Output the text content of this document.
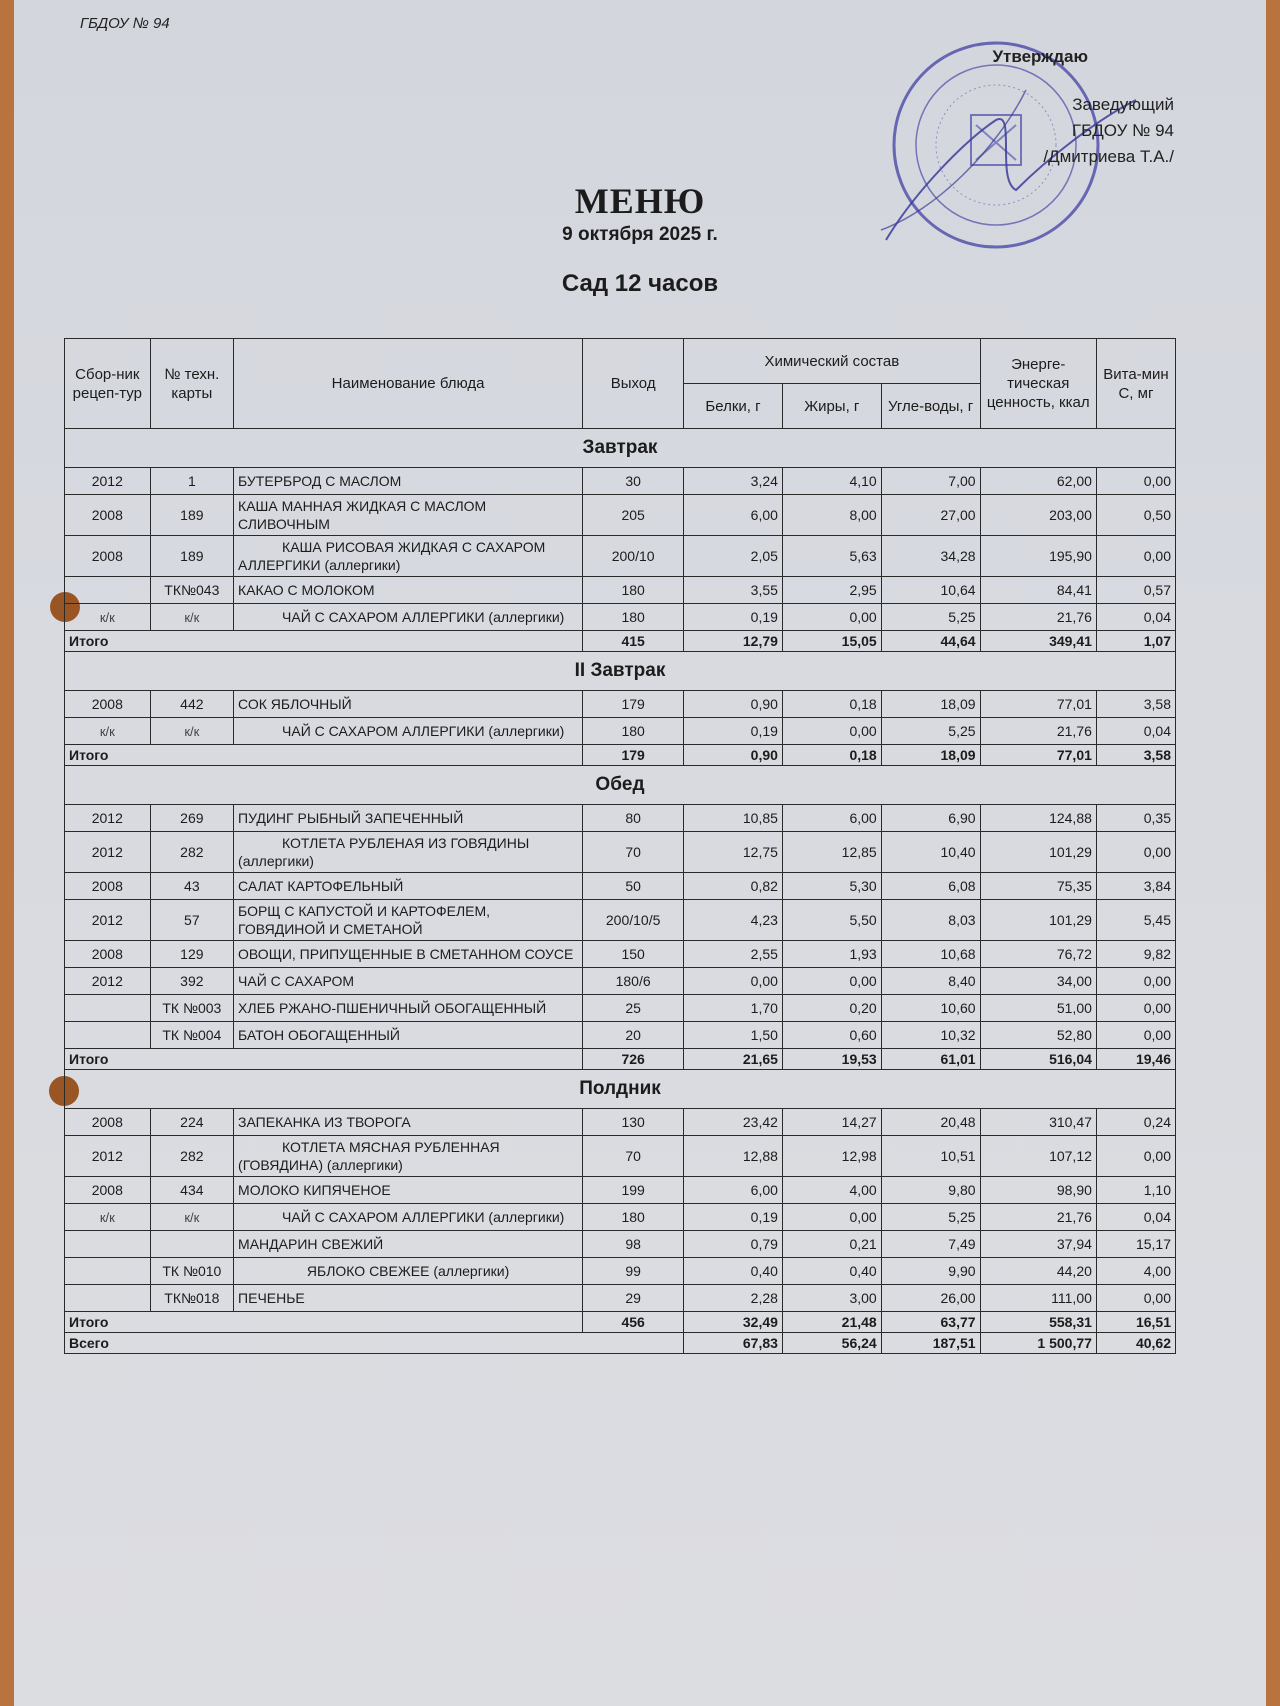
ГБДОУ № 94
Утверждаю
Заведующий
ГБДОУ № 94
/Дмитриева Т.А./
МЕНЮ
9 октября 2025 г.
Сад 12 часов
Сбор-ник рецеп-тур	№ техн. карты	Наименование блюда	Выход	Химический состав			Энерге-тическая ценность, ккал	Вита-мин С, мг
				Белки, г	Жиры, г	Угле-воды, г		
Завтрак								
2012	1	БУТЕРБРОД С МАСЛОМ	30	3,24	4,10	7,00	62,00	0,00
2008	189	КАША МАННАЯ ЖИДКАЯ С МАСЛОМ СЛИВОЧНЫМ	205	6,00	8,00	27,00	203,00	0,50
2008	189	КАША РИСОВАЯ ЖИДКАЯ С САХАРОМ АЛЛЕРГИКИ (аллергики)	200/10	2,05	5,63	34,28	195,90	0,00
	ТК№043	КАКАО С МОЛОКОМ	180	3,55	2,95	10,64	84,41	0,57
к/к	к/к	ЧАЙ С САХАРОМ АЛЛЕРГИКИ (аллергики)	180	0,19	0,00	5,25	21,76	0,04
Итого			415	12,79	15,05	44,64	349,41	1,07
II Завтрак								
2008	442	СОК ЯБЛОЧНЫЙ	179	0,90	0,18	18,09	77,01	3,58
к/к	к/к	ЧАЙ С САХАРОМ АЛЛЕРГИКИ (аллергики)	180	0,19	0,00	5,25	21,76	0,04
Итого			179	0,90	0,18	18,09	77,01	3,58
Обед								
2012	269	ПУДИНГ РЫБНЫЙ ЗАПЕЧЕННЫЙ	80	10,85	6,00	6,90	124,88	0,35
2012	282	КОТЛЕТА РУБЛЕНАЯ ИЗ ГОВЯДИНЫ (аллергики)	70	12,75	12,85	10,40	101,29	0,00
2008	43	САЛАТ КАРТОФЕЛЬНЫЙ	50	0,82	5,30	6,08	75,35	3,84
2012	57	БОРЩ С КАПУСТОЙ И КАРТОФЕЛЕМ, ГОВЯДИНОЙ И СМЕТАНОЙ	200/10/5	4,23	5,50	8,03	101,29	5,45
2008	129	ОВОЩИ, ПРИПУЩЕННЫЕ В СМЕТАННОМ СОУСЕ	150	2,55	1,93	10,68	76,72	9,82
2012	392	ЧАЙ С САХАРОМ	180/6	0,00	0,00	8,40	34,00	0,00
	ТК №003	ХЛЕБ РЖАНО-ПШЕНИЧНЫЙ ОБОГАЩЕННЫЙ	25	1,70	0,20	10,60	51,00	0,00
	ТК №004	БАТОН ОБОГАЩЕННЫЙ	20	1,50	0,60	10,32	52,80	0,00
Итого			726	21,65	19,53	61,01	516,04	19,46
Полдник								
2008	224	ЗАПЕКАНКА ИЗ ТВОРОГА	130	23,42	14,27	20,48	310,47	0,24
2012	282	КОТЛЕТА МЯСНАЯ РУБЛЕННАЯ (ГОВЯДИНА) (аллергики)	70	12,88	12,98	10,51	107,12	0,00
2008	434	МОЛОКО КИПЯЧЕНОЕ	199	6,00	4,00	9,80	98,90	1,10
к/к	к/к	ЧАЙ С САХАРОМ АЛЛЕРГИКИ (аллергики)	180	0,19	0,00	5,25	21,76	0,04
		МАНДАРИН СВЕЖИЙ	98	0,79	0,21	7,49	37,94	15,17
	ТК №010	ЯБЛОКО СВЕЖЕЕ (аллергики)	99	0,40	0,40	9,90	44,20	4,00
	ТК№018	ПЕЧЕНЬЕ	29	2,28	3,00	26,00	111,00	0,00
Итого			456	32,49	21,48	63,77	558,31	16,51
Всего				67,83	56,24	187,51	1 500,77	40,62
